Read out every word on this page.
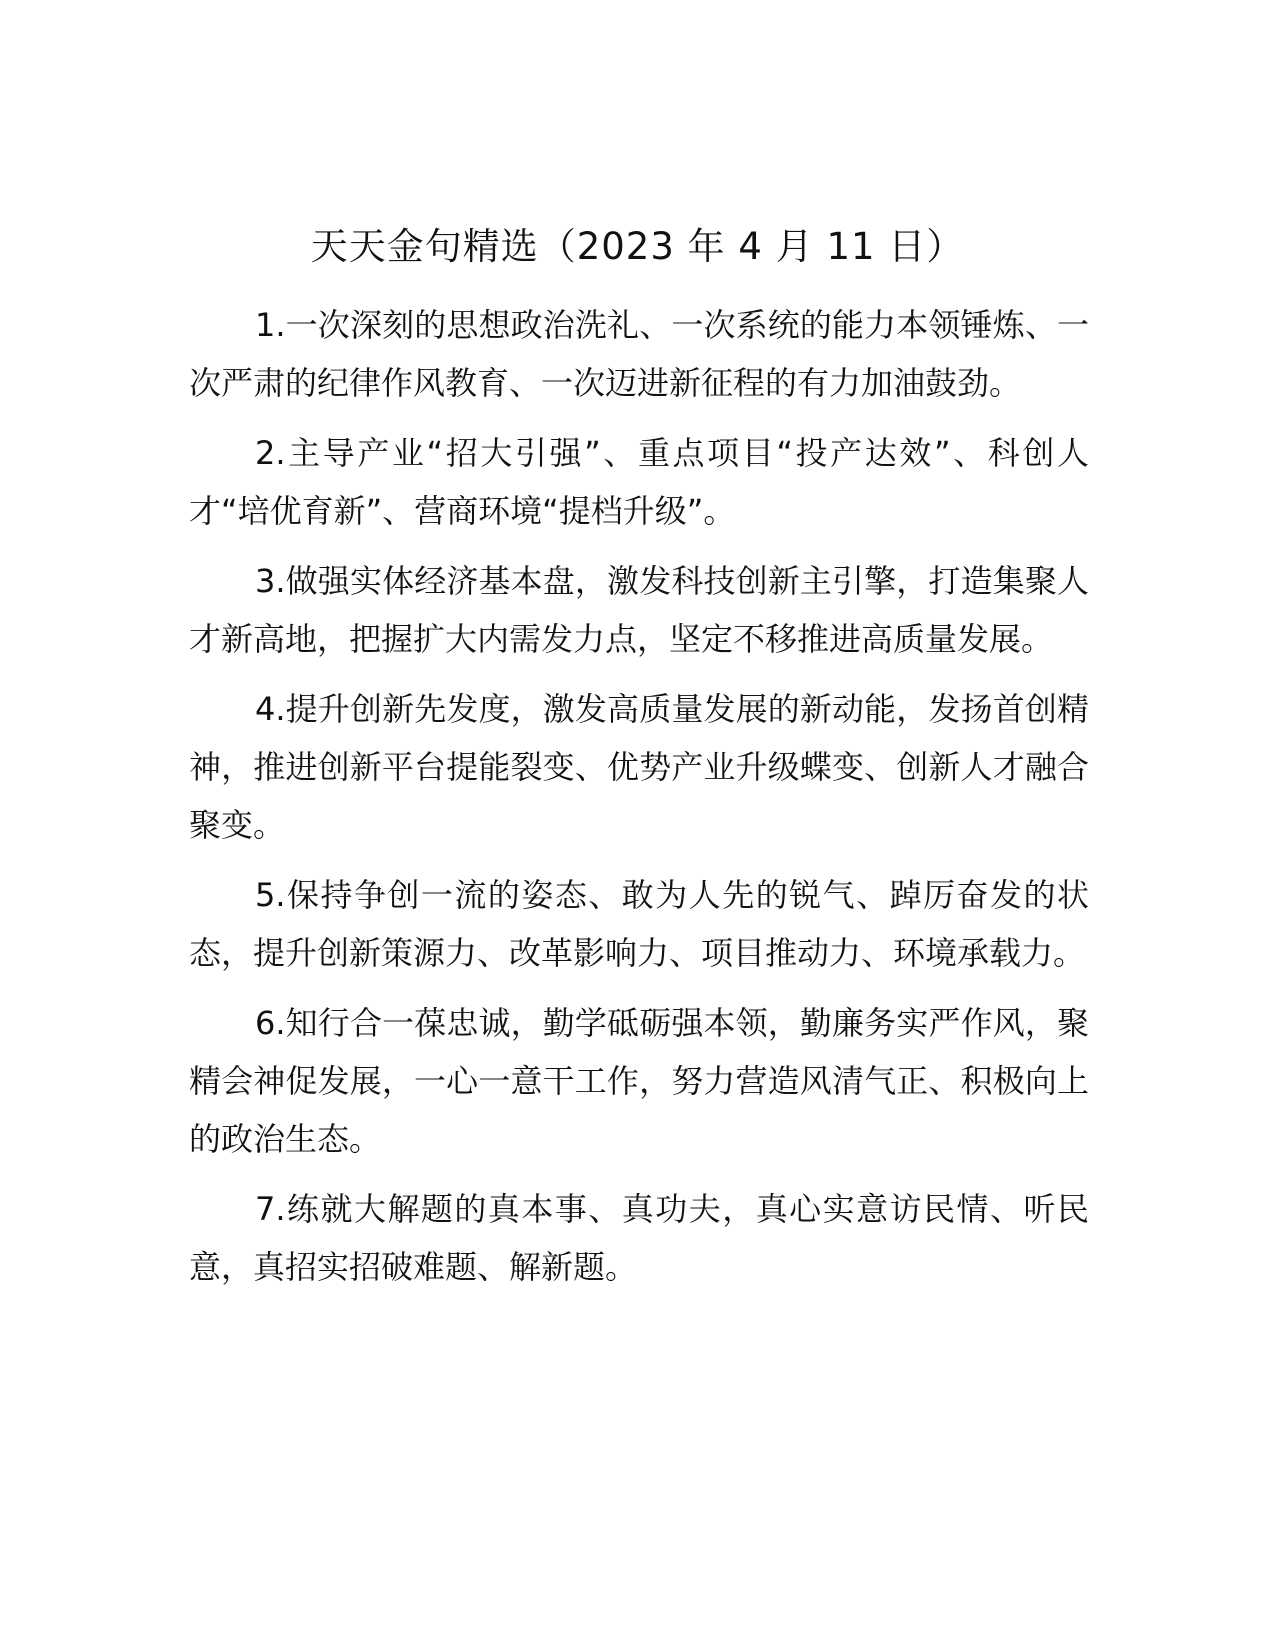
天天金句精选（2023 年 4 月 11 日）

1.一次深刻的思想政治洗礼、一次系统的能力本领锤炼、一次严肃的纪律作风教育、一次迈进新征程的有力加油鼓劲。

2.主导产业“招大引强”、重点项目“投产达效”、科创人才“培优育新”、营商环境“提档升级”。

3.做强实体经济基本盘，激发科技创新主引擎，打造集聚人才新高地，把握扩大内需发力点，坚定不移推进高质量发展。

4.提升创新先发度，激发高质量发展的新动能，发扬首创精神，推进创新平台提能裂变、优势产业升级蝶变、创新人才融合聚变。

5.保持争创一流的姿态、敢为人先的锐气、踔厉奋发的状态，提升创新策源力、改革影响力、项目推动力、环境承载力。

6.知行合一葆忠诚，勤学砥砺强本领，勤廉务实严作风，聚精会神促发展，一心一意干工作，努力营造风清气正、积极向上的政治生态。

7.练就大解题的真本事、真功夫，真心实意访民情、听民意，真招实招破难题、解新题。
